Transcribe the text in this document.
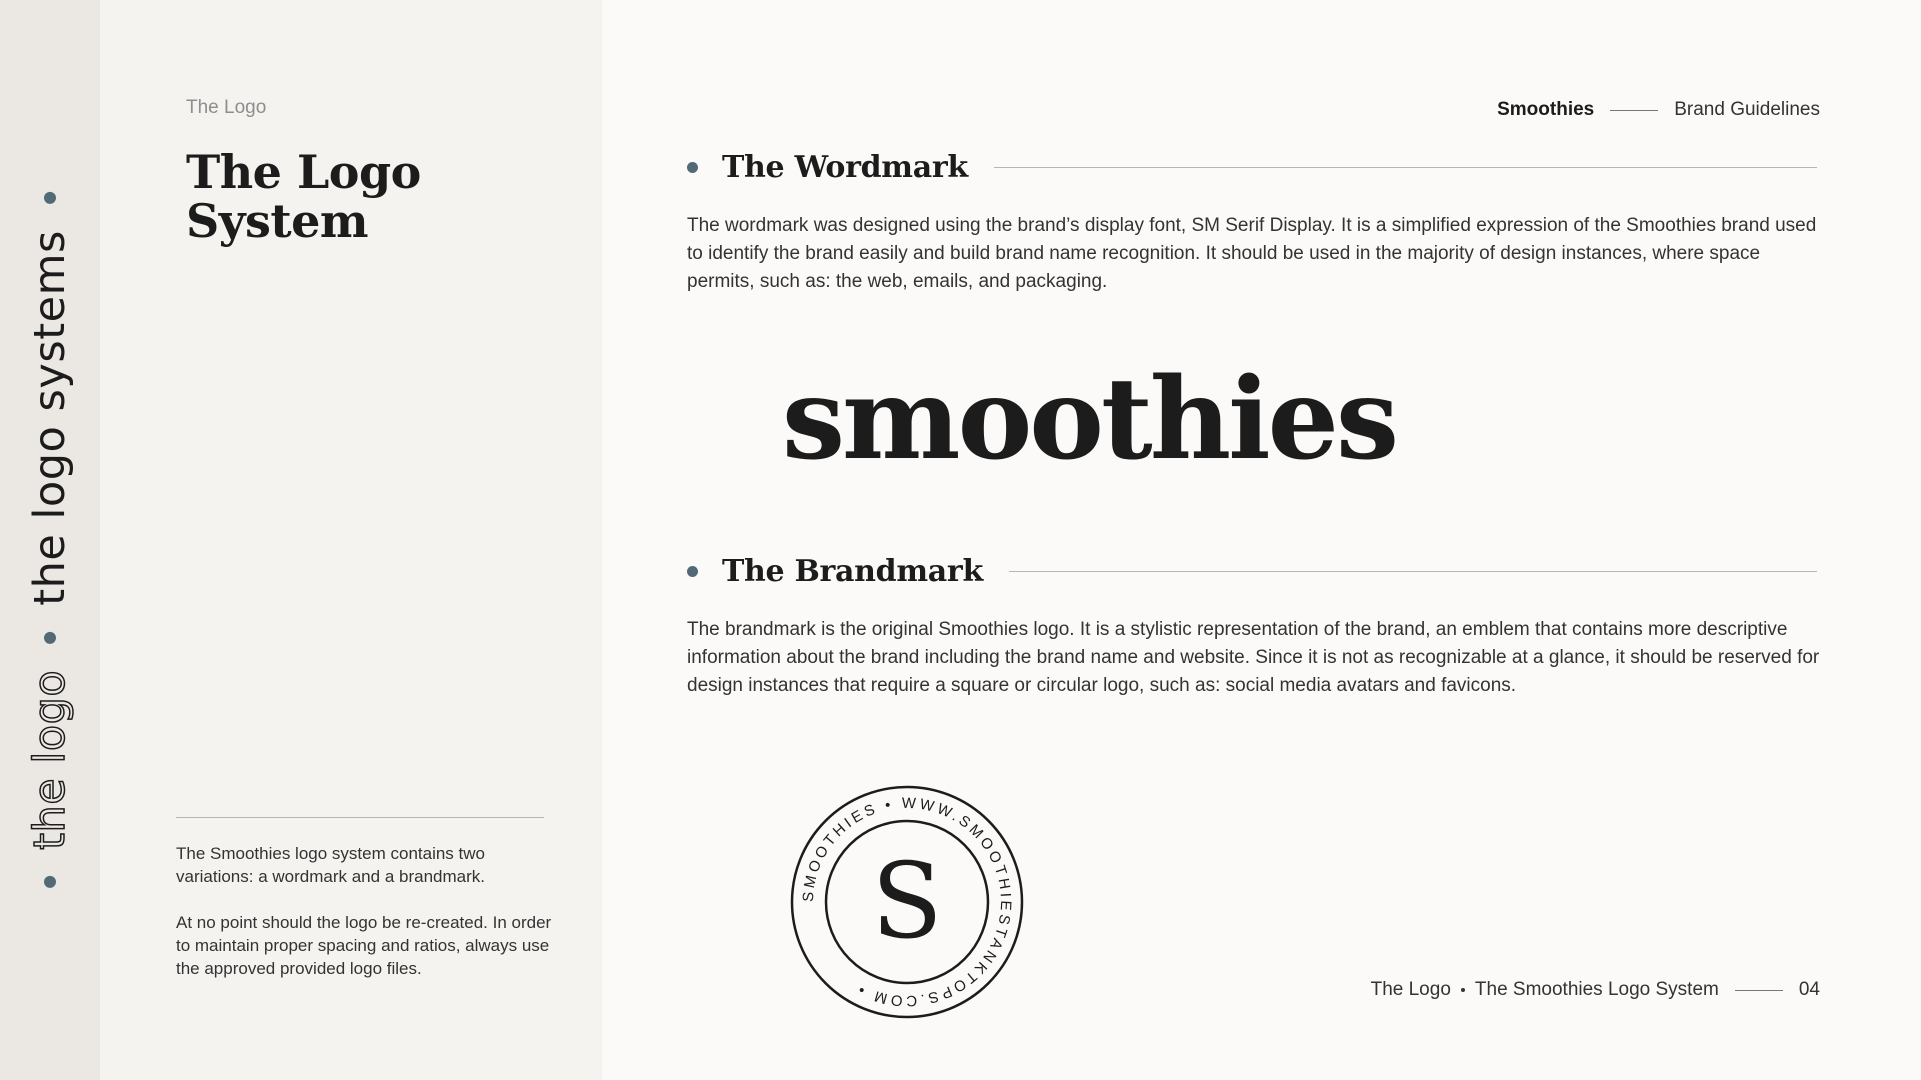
the logo
the logo systems
The Logo
The Logo
System
The Smoothies logo system contains two variations: a wordmark and a brandmark.
At no point should the logo be re-created. In order to maintain proper spacing and ratios, always use the approved provided logo files.
Smoothies	Brand Guidelines
The Wordmark
The wordmark was designed using the brand’s display font, SM Serif Display. It is a simplified expression of the Smoothies brand used to identify the brand easily and build brand name recognition. It should be used in the majority of design instances, where space permits, such as: the web, emails, and packaging.
smoothies
The Brandmark
The brandmark is the original Smoothies logo. It is a stylistic representation of the brand, an emblem that contains more descriptive information about the brand including the brand name and website. Since it is not as recognizable at a glance, it should be reserved for design instances that require a square or circular logo, such as: social media avatars and favicons.
SMOOTHIES • WWW.SMOOTHIESTANKTOPS.COM •
S
The Logo The Smoothies Logo System	04
